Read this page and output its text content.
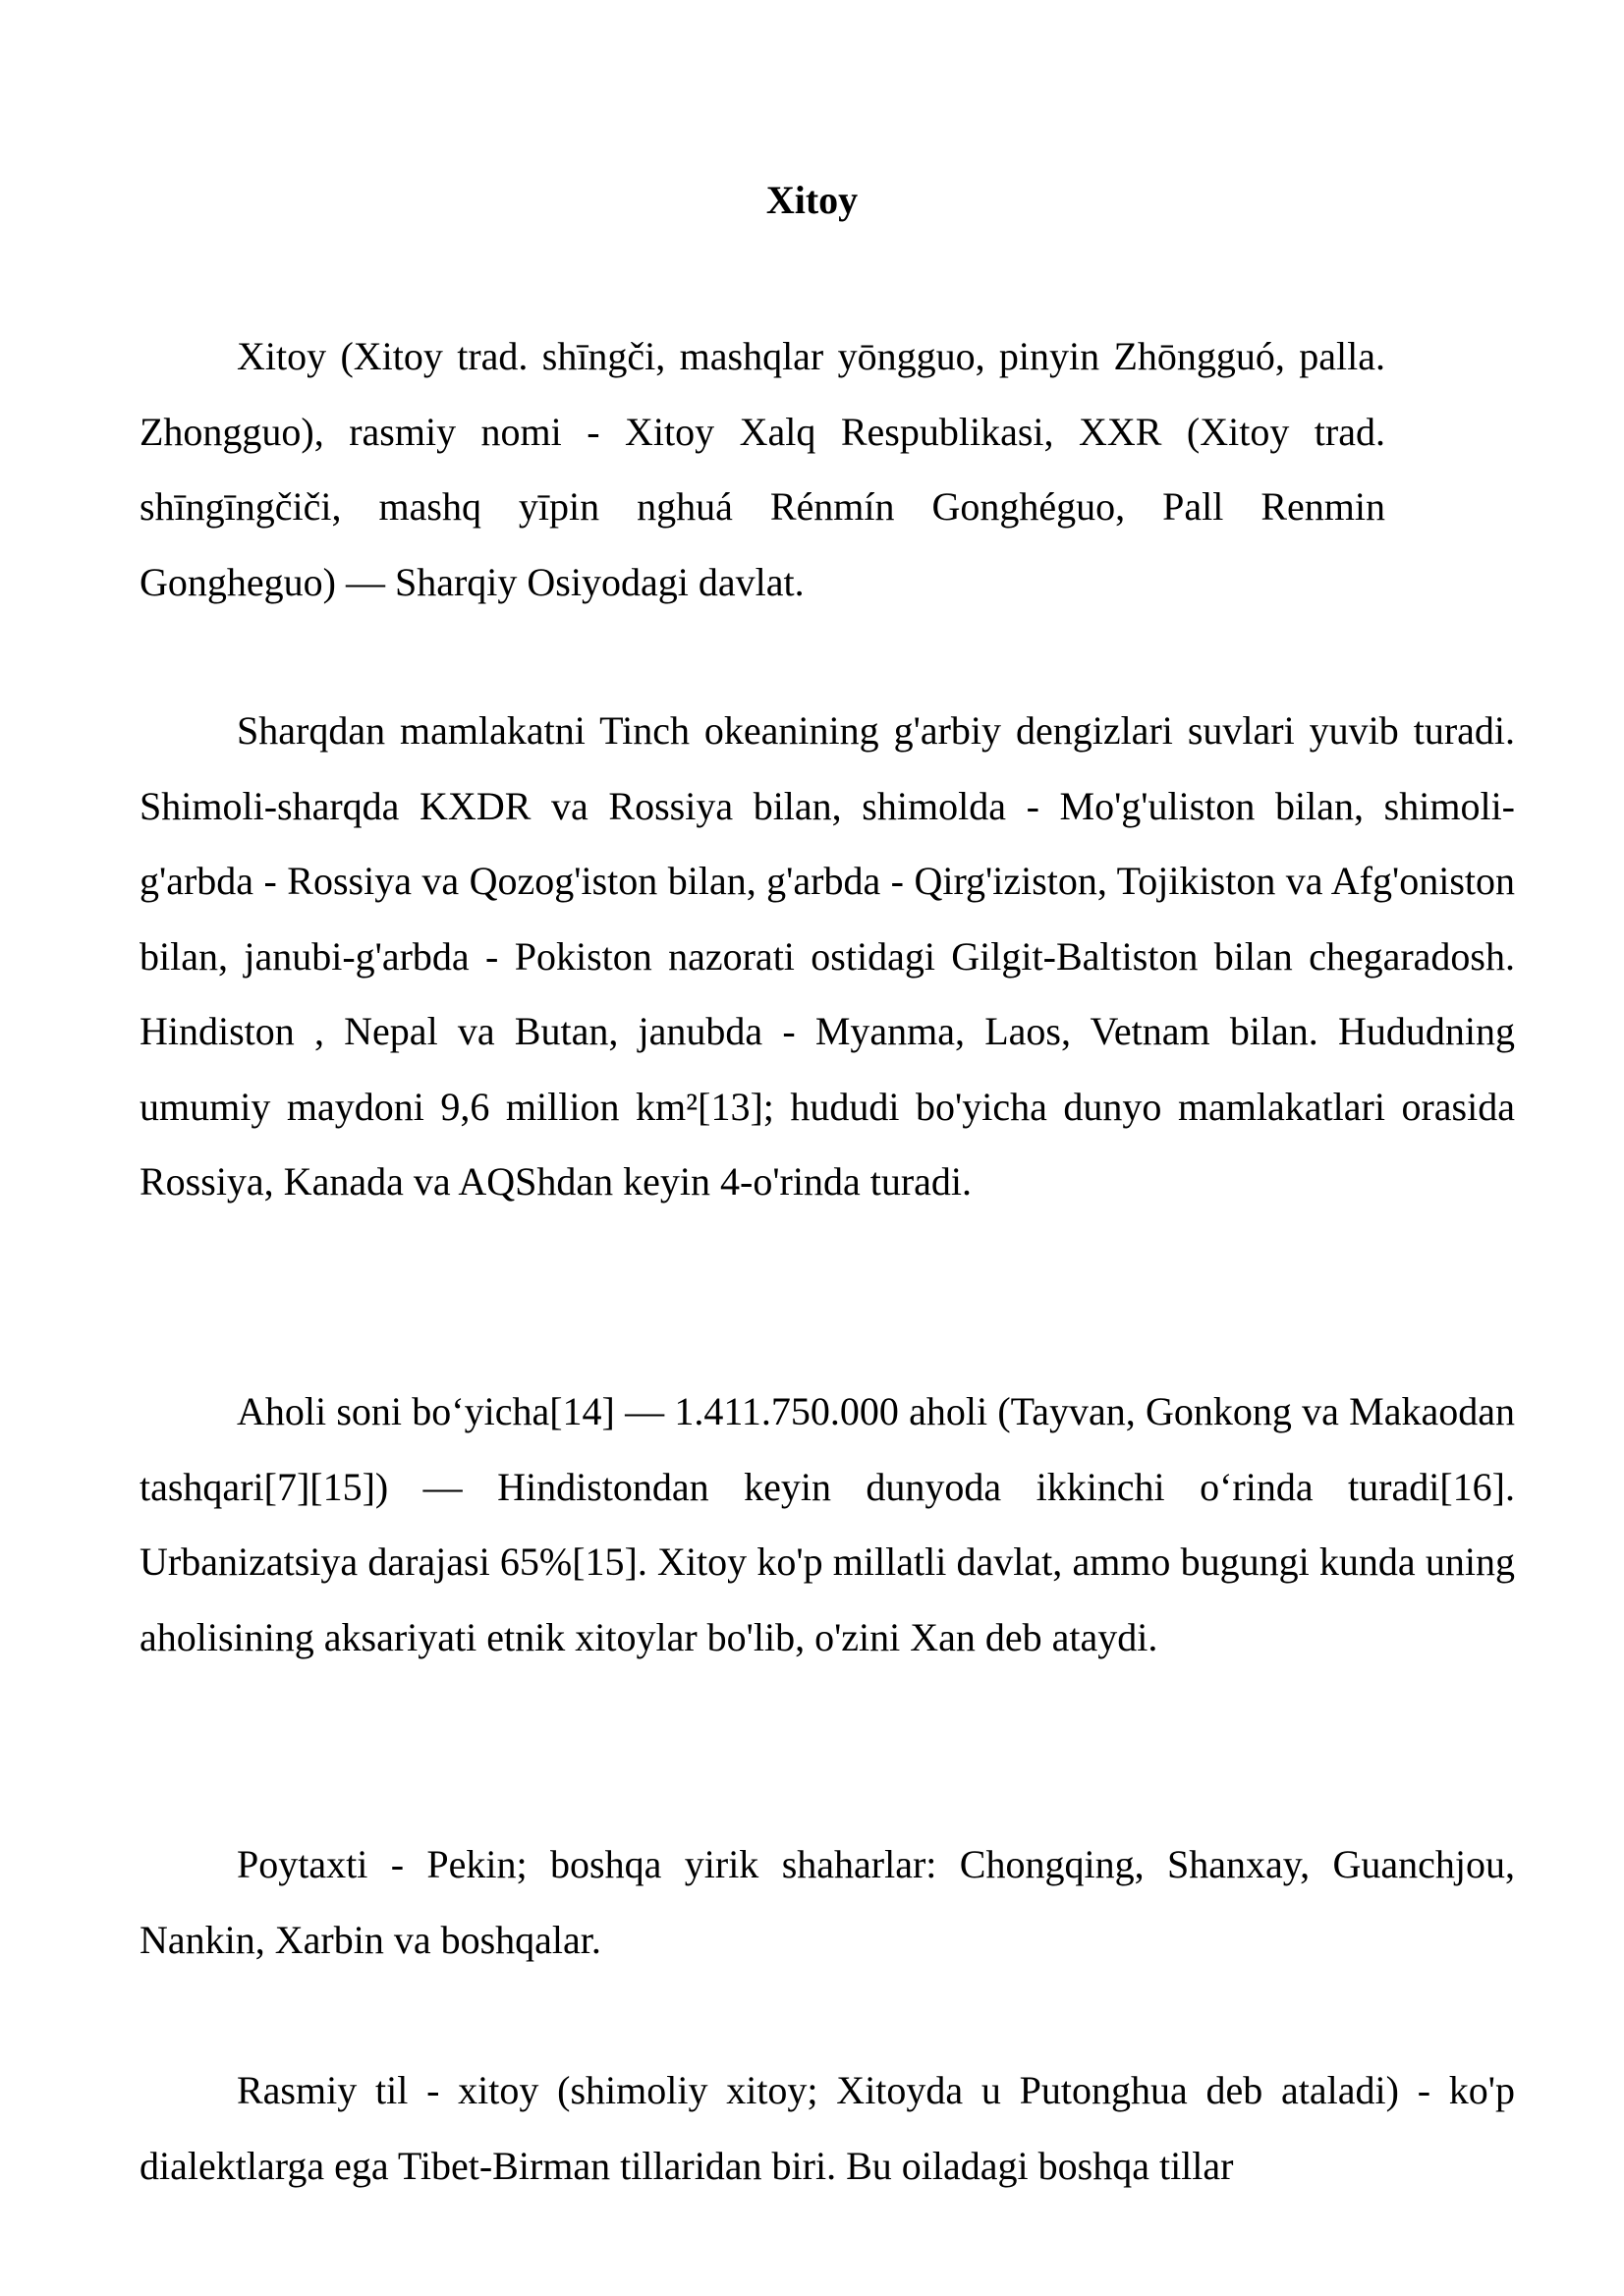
Xitoy

Xitoy (Xitoy trad. shīngči, mashqlar yōngguo, pinyin Zhōngguó, palla. Zhongguo), rasmiy nomi - Xitoy Xalq Respublikasi, XXR (Xitoy trad. shīngīngčiči, mashq yīpin nghuá Rénmín Gonghéguo, Pall Renmin Gongheguo) — Sharqiy Osiyodagi davlat.

Sharqdan mamlakatni Tinch okeanining g'arbiy dengizlari suvlari yuvib turadi. Shimoli-sharqda KXDR va Rossiya bilan, shimolda - Mo'g'uliston bilan, shimoli-g'arbda - Rossiya va Qozog'iston bilan, g'arbda - Qirg'iziston, Tojikiston va Afg'oniston bilan, janubi-g'arbda - Pokiston nazorati ostidagi Gilgit-Baltiston bilan chegaradosh. Hindiston , Nepal va Butan, janubda - Myanma, Laos, Vetnam bilan. Hududning umumiy maydoni 9,6 million km²[13]; hududi bo'yicha dunyo mamlakatlari orasida Rossiya, Kanada va AQShdan keyin 4-o'rinda turadi.

Aholi soni bo‘yicha[14] — 1.411.750.000 aholi (Tayvan, Gonkong va Makaodan tashqari[7][15]) — Hindistondan keyin dunyoda ikkinchi o‘rinda turadi[16]. Urbanizatsiya darajasi 65%[15]. Xitoy ko'p millatli davlat, ammo bugungi kunda uning aholisining aksariyati etnik xitoylar bo'lib, o'zini Xan deb ataydi.

Poytaxti - Pekin; boshqa yirik shaharlar: Chongqing, Shanxay, Guanchjou, Nankin, Xarbin va boshqalar.

Rasmiy til - xitoy (shimoliy xitoy; Xitoyda u Putonghua deb ataladi) - ko'p dialektlarga ega Tibet-Birman tillaridan biri. Bu oiladagi boshqa tillar
